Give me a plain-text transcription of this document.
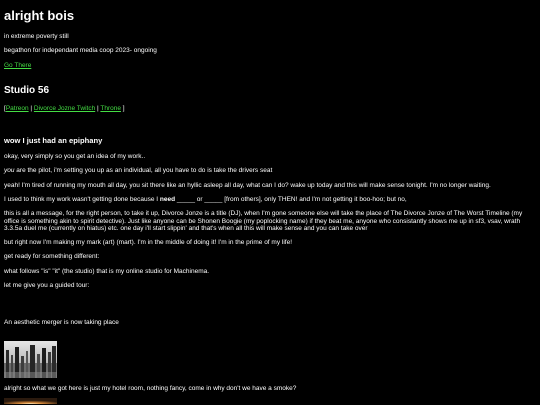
alright bois

in extreme poverty still

begathon for independant media coop 2023- ongoing

Go There

Studio 56

[Patreon | Divorce Jozne Twitch | Throne ]

wow I just had an epiphany

okay, very simply so you get an idea of my work..

you are the pilot, i'm setting you up as an individual, all you have to do is take the drivers seat

yeah! I'm tired of running my mouth all day, you sit there like an hyllic asleep all day, what can I do? wake up today and this will make sense tonight. I'm no longer waiting.

I used to think my work wasn't getting done because I need _____ or _____ [from others], only THEN! and I'm not getting it boo-hoo; but no,

this is all a message, for the right person, to take it up, Divorce Jonze is a title (DJ), when I'm gone someone else will take the place of The Divorce Jonze of The Worst Timeline (my office is something akin to spirit detective). Just like anyone can be Shonen Boogie (my poplocking name) if they beat me, anyone who consistantly shows me up in sf3, vsav, wrath 3.3.5a duel me (currently on hiatus) etc. one day i'll start slippin' and that's when all this will make sense and you can take over

but right now I'm making my mark (art) (mart). I'm in the middle of doing it! I'm in the prime of my life!

get ready for something different:

what follows "is" "it" (the studio) that is my online studio for Machinema.

let me give you a guided tour:

An aesthetic merger is now taking place

alright so what we got here is just my hotel room, nothing fancy, come in why don't we have a smoke?
